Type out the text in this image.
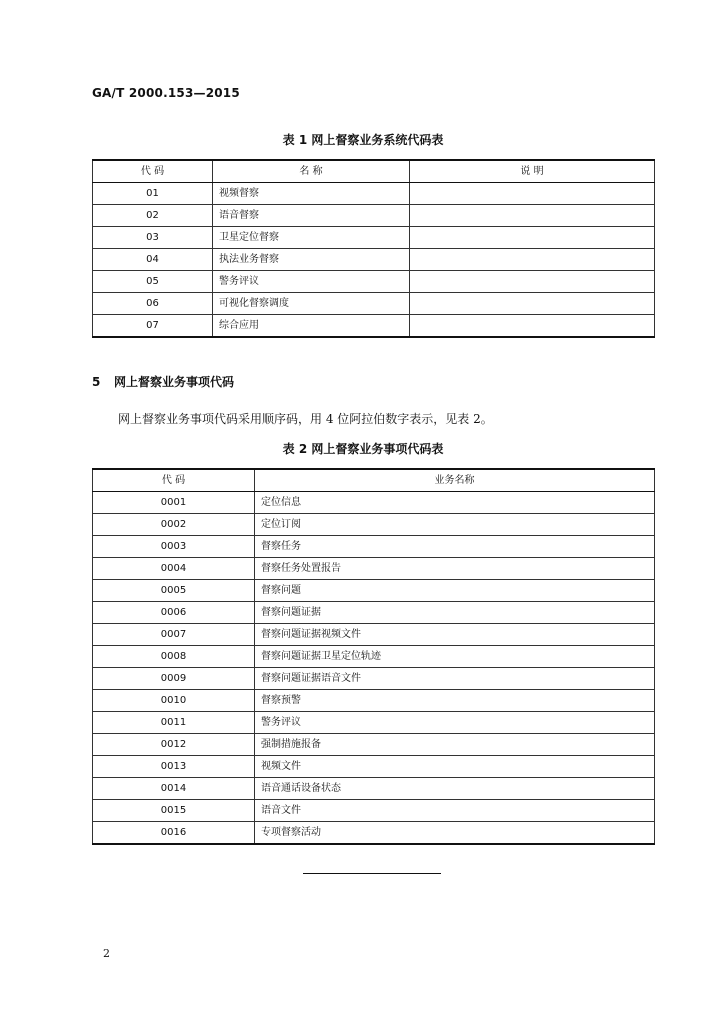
GA/T 2000.153—2015
表 1 网上督察业务系统代码表
代 码	名 称	说 明
01	视频督察	
02	语音督察	
03	卫星定位督察	
04	执法业务督察	
05	警务评议	
06	可视化督察调度	
07	综合应用	
5 网上督察业务事项代码
网上督察业务事项代码采用顺序码，用 4 位阿拉伯数字表示，见表 2。
表 2 网上督察业务事项代码表
代 码	业务名称
0001	定位信息
0002	定位订阅
0003	督察任务
0004	督察任务处置报告
0005	督察问题
0006	督察问题证据
0007	督察问题证据视频文件
0008	督察问题证据卫星定位轨迹
0009	督察问题证据语音文件
0010	督察预警
0011	警务评议
0012	强制措施报备
0013	视频文件
0014	语音通话设备状态
0015	语音文件
0016	专项督察活动
2
